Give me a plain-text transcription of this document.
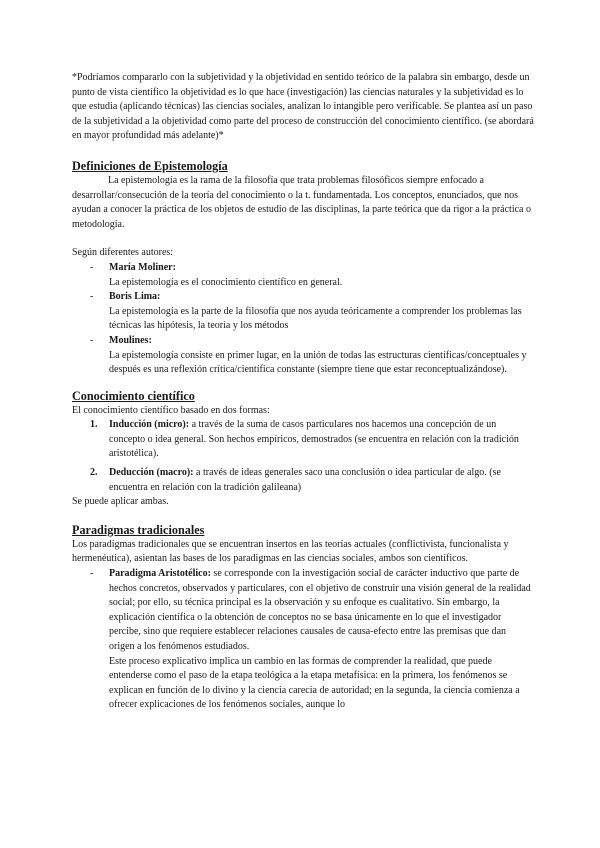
*Podríamos compararlo con la subjetividad y la objetividad en sentido teórico de la palabra sin embargo, desde un punto de vista científico la objetividad es lo que hace (investigación) las ciencias naturales y la subjetividad es lo que estudia (aplicando técnicas) las ciencias sociales, analizan lo intangible pero verificable. Se plantea así un paso de la subjetividad a la objetividad como parte del proceso de construcción del conocimiento científico. (se abordará en mayor profundidad más adelante)*

Definiciones de Epistemología

La epistemología es la rama de la filosofía que trata problemas filosóficos siempre enfocado a desarrollar/consecución de la teoría del conocimiento o la t. fundamentada. Los conceptos, enunciados, que nos ayudan a conocer la práctica de los objetos de estudio de las disciplinas, la parte teórica que da rigor a la práctica o metodología.

Según diferentes autores:

- María Moliner:
La epistemología es el conocimiento científico en general.
- Boris Lima:
La epistemología es la parte de la filosofía que nos ayuda teóricamente a comprender los problemas las técnicas las hipótesis, la teoría y los métodos
- Moulines:
La epistemología consiste en primer lugar, en la unión de todas las estructuras científicas/conceptuales y después es una reflexión crítica/científica constante (siempre tiene que estar reconceptualizándose).
Conocimiento científico

El conocimiento científico basado en dos formas:

1. Inducción (micro): a través de la suma de casos particulares nos hacemos una concepción de un concepto o idea general. Son hechos empíricos, demostrados (se encuentra en relación con la tradición aristotélica).
2. Deducción (macro): a través de ideas generales saco una conclusión o idea particular de algo. (se encuentra en relación con la tradición galileana)

Se puede aplicar ambas.

Paradigmas tradicionales

Los paradigmas tradicionales que se encuentran insertos en las teorías actuales (conflictivista, funcionalista y hermenéutica), asientan las bases de los paradigmas en las ciencias sociales, ambos son científicos.

- Paradigma Aristotélico: se corresponde con la investigación social de carácter inductivo que parte de hechos concretos, observados y particulares, con el objetivo de construir una visión general de la realidad social; por ello, su técnica principal es la observación y su enfoque es cualitativo. Sin embargo, la explicación científica o la obtención de conceptos no se basa únicamente en lo que el investigador percibe, sino que requiere establecer relaciones causales de causa-efecto entre las premisas que dan origen a los fenómenos estudiados.
Este proceso explicativo implica un cambio en las formas de comprender la realidad, que puede entenderse como el paso de la etapa teológica a la etapa metafísica: en la primera, los fenómenos se explican en función de lo divino y la ciencia carecía de autoridad; en la segunda, la ciencia comienza a ofrecer explicaciones de los fenómenos sociales, aunque lo
